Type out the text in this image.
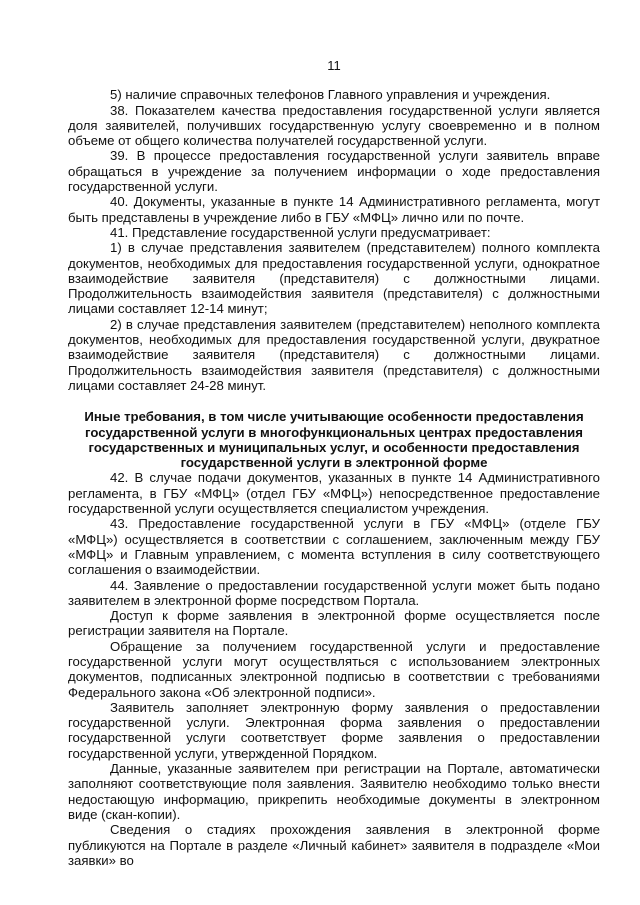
11

5) наличие справочных телефонов Главного управления и учреждения.

38. Показателем качества предоставления государственной услуги является доля заявителей, получивших государственную услугу своевременно и в полном объеме от общего количества получателей государственной услуги.

39. В процессе предоставления государственной услуги заявитель вправе обращаться в учреждение за получением информации о ходе предоставления государственной услуги.

40. Документы, указанные в пункте 14 Административного регламента, могут быть представлены в учреждение либо в ГБУ «МФЦ» лично или по почте.

41. Представление государственной услуги предусматривает:

1) в случае представления заявителем (представителем) полного комплекта документов, необходимых для предоставления государственной услуги, однократное взаимодействие заявителя (представителя) с должностными лицами. Продолжительность взаимодействия заявителя (представителя) с должностными лицами составляет 12-14 минут;

2) в случае представления заявителем (представителем) неполного комплекта документов, необходимых для предоставления государственной услуги, двукратное взаимодействие заявителя (представителя) с должностными лицами. Продолжительность взаимодействия заявителя (представителя) с должностными лицами составляет 24-28 минут.

Иные требования, в том числе учитывающие особенности предоставления государственной услуги в многофункциональных центрах предоставления государственных и муниципальных услуг, и особенности предоставления государственной услуги в электронной форме

42. В случае подачи документов, указанных в пункте 14 Административного регламента, в ГБУ «МФЦ» (отдел ГБУ «МФЦ») непосредственное предоставление государственной услуги осуществляется специалистом учреждения.

43. Предоставление государственной услуги в ГБУ «МФЦ» (отделе ГБУ «МФЦ») осуществляется в соответствии с соглашением, заключенным между ГБУ «МФЦ» и Главным управлением, с момента вступления в силу соответствующего соглашения о взаимодействии.

44. Заявление о предоставлении государственной услуги может быть подано заявителем в электронной форме посредством Портала.

Доступ к форме заявления в электронной форме осуществляется после регистрации заявителя на Портале.

Обращение за получением государственной услуги и предоставление государственной услуги могут осуществляться с использованием электронных документов, подписанных электронной подписью в соответствии с требованиями Федерального закона «Об электронной подписи».

Заявитель заполняет электронную форму заявления о предоставлении государственной услуги. Электронная форма заявления о предоставлении государственной услуги соответствует форме заявления о предоставлении государственной услуги, утвержденной Порядком.

Данные, указанные заявителем при регистрации на Портале, автоматически заполняют соответствующие поля заявления. Заявителю необходимо только внести недостающую информацию, прикрепить необходимые документы в электронном виде (скан-копии).

Сведения о стадиях прохождения заявления в электронной форме публикуются на Портале в разделе «Личный кабинет» заявителя в подразделе «Мои заявки» во
